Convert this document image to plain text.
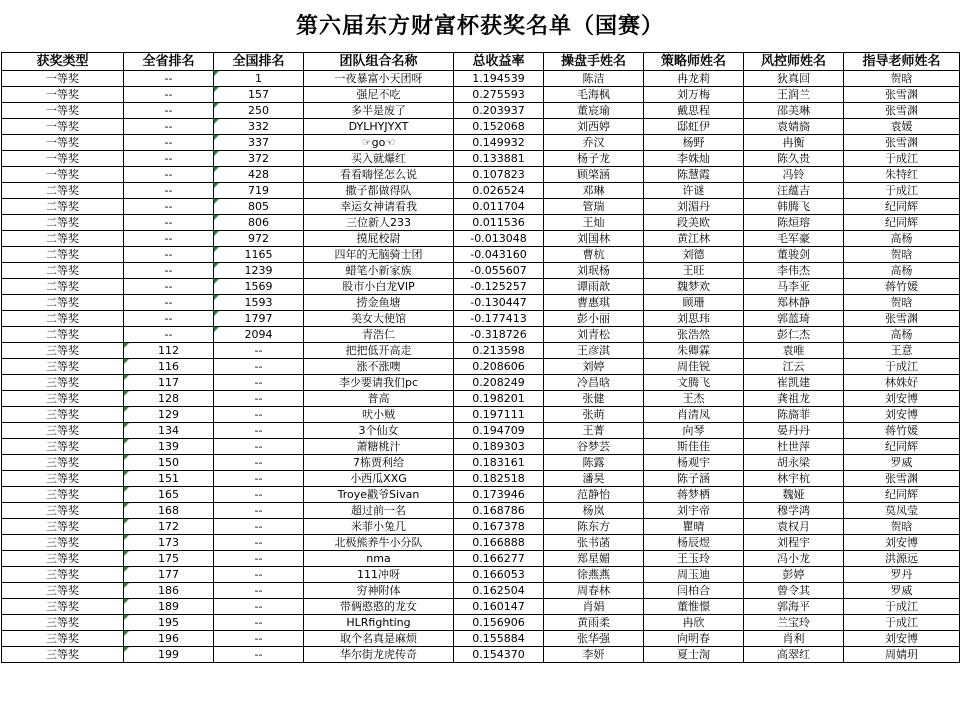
第六届东方财富杯获奖名单（国赛）
获奖类型	全省排名	全国排名	团队组合名称	总收益率	操盘手姓名	策略师姓名	风控师姓名	指导老师姓名
一等奖	--	1	一夜暴富小天团呀	1.194539	陈洁	冉龙莉	狄真回	贺晗
一等奖	--	157	强尼不吃	0.275593	毛海枫	刘万梅	王润兰	张雪渊
一等奖	--	250	多半是废了	0.203937	董宸瑜	戴思程	邵美琳	张雪渊
一等奖	--	332	DYLHYJYXT	0.152068	刘西婷	邸虹伊	袁婧旖	袁媛
一等奖	--	337	☞go☜	0.149932	乔汉	杨野	冉衡	张雪渊
一等奖	--	372	买入就爆红	0.133881	杨子龙	李姝灿	陈久贵	于成江
一等奖	--	428	看看嗨怪怎么说	0.107823	顾棨涵	陈慧霞	冯铃	朱特红
二等奖	--	719	撒子都做得队	0.026524	邓琳	许谜	汪蕴吉	于成江
二等奖	--	805	幸运女神请看我	0.011704	管瑞	刘湄丹	韩腾飞	纪同辉
二等奖	--	806	三位新人233	0.011536	王灿	段美欧	陈烜瑢	纪同辉
二等奖	--	972	摸屁校尉	-0.013048	刘国林	黄江林	毛军豪	高杨
二等奖	--	1165	四年的无脑骑士团	-0.043160	曹杭	刘德	董骏剑	贺晗
二等奖	--	1239	蜡笔小新家族	-0.055607	刘珉杨	王旺	李伟杰	高杨
二等奖	--	1569	股市小白龙VIP	-0.125257	谭雨歆	魏梦欢	马李亚	蒋竹媛
二等奖	--	1593	捞金鱼塘	-0.130447	曹惠琪	顾珊	郑林静	贺晗
二等奖	--	1797	美女大使馆	-0.177413	彭小丽	刘思玮	郭蓝琦	张雪渊
二等奖	--	2094	青浩仁	-0.318726	刘青松	张浩然	彭仁杰	高杨
三等奖	112	--	把把低开高走	0.213598	王彦淇	朱卿霖	袁唯	王意
三等奖	116	--	涨不涨噢	0.208606	刘婷	周佳锐	江云	于成江
三等奖	117	--	李少要请我们pc	0.208249	冷昌晗	文腾飞	崔凯建	林姝好
三等奖	128	--	普高	0.198201	张健	王杰	龚祖龙	刘安博
三等奖	129	--	吠小贼	0.197111	张萌	肖清凤	陈旖菲	刘安博
三等奖	134	--	3个仙女	0.194709	王菁	向琴	晏丹丹	蒋竹媛
三等奖	139	--	萧糖桃汁	0.189303	谷梦芸	斯佳佳	杜世萍	纪同辉
三等奖	150	--	7栋贾利给	0.183161	陈露	杨观宇	胡永梁	罗威
三等奖	151	--	小西瓜XXG	0.182518	潘昊	陈子涵	林宇杭	张雪渊
三等奖	165	--	Troye戳爷Sivan	0.173946	范静怡	蒋梦栖	魏娅	纪同辉
三等奖	168	--	超过前一名	0.168786	杨岚	刘宇帝	穆学鸿	莫凤莹
三等奖	172	--	米菲小兔几	0.167378	陈东方	瞿晴	袁权月	贺晗
三等奖	173	--	北极熊养牛小分队	0.166888	张书菡	杨辰煜	刘程宇	刘安博
三等奖	175	--	nma	0.166277	郑星媚	王玉玲	冯小龙	洪源远
三等奖	177	--	111冲呀	0.166053	徐燕燕	周玉迪	彭婷	罗丹
三等奖	186	--	穷神附体	0.162504	周春林	闫柏合	曾令其	罗威
三等奖	189	--	带俩憨憨的龙女	0.160147	肖娟	董惟憬	郭海平	于成江
三等奖	195	--	HLRfighting	0.156906	黄雨柔	冉欣	兰宝玲	于成江
三等奖	196	--	取个名真是麻烦	0.155884	张华强	向明春	肖利	刘安博
三等奖	199	--	华尔街龙虎传奇	0.154370	李妍	夏士渹	高翠红	周婧玥
